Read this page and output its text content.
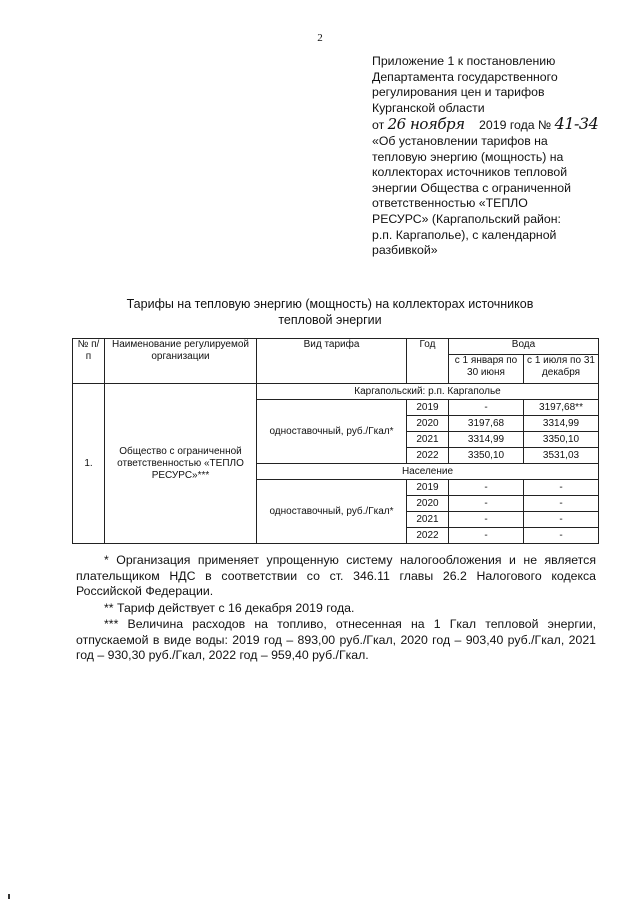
2
Приложение 1 к постановлению
Департамента государственного
регулирования цен и тарифов
Курганской области
от 26 ноября 2019 года № 41-34
«Об установлении тарифов на
тепловую энергию (мощность) на
коллекторах источников тепловой
энергии Общества с ограниченной
ответственностью «ТЕПЛО
РЕСУРС» (Каргапольский район:
р.п. Каргаполье), с календарной
разбивкой»
Тарифы на тепловую энергию (мощность) на коллекторах источников
тепловой энергии
№ п/п	Наименование регулируемой организации	Вид тарифа	Год	Вода	
				с 1 января по 30 июня	с 1 июля по 31 декабря
1.	Общество с ограниченной ответственностью «ТЕПЛО РЕСУРС»***	Каргапольский: р.п. Каргаполье			
		одноставочный, руб./Гкал*	2019	-	3197,68**
			2020	3197,68	3314,99
			2021	3314,99	3350,10
			2022	3350,10	3531,03
		Население			
		одноставочный, руб./Гкал*	2019	-	-
			2020	-	-
			2021	-	-
			2022	-	-

* Организация применяет упрощенную систему налогообложения и не является плательщиком НДС в соответствии со ст. 346.11 главы 26.2 Налогового кодекса Российской Федерации.

** Тариф действует с 16 декабря 2019 года.

*** Величина расходов на топливо, отнесенная на 1 Гкал тепловой энергии, отпускаемой в виде воды: 2019 год – 893,00 руб./Гкал, 2020 год – 903,40 руб./Гкал, 2021 год – 930,30 руб./Гкал, 2022 год – 959,40 руб./Гкал.
